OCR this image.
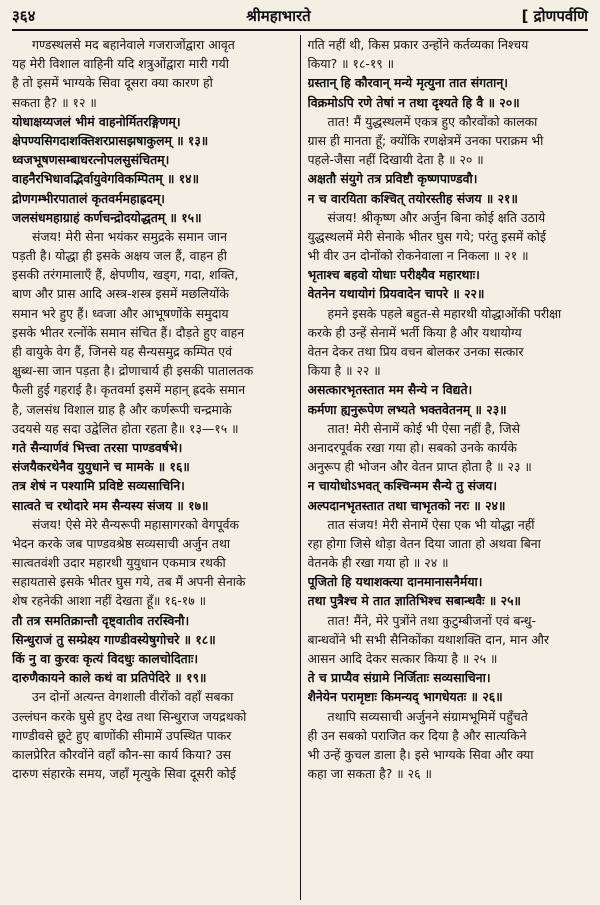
३६४	श्रीमहाभारते	[ द्रोणपर्वणि
गण्डस्थलसे मद बहानेवाले गजराजोंद्वारा आवृत
यह मेरी विशाल वाहिनी यदि शत्रुओंद्वारा मारी गयी
है तो इसमें भाग्यके सिवा दूसरा क्या कारण हो
सकता है? ॥ १२ ॥
योधाक्षय्यजलं भीमं वाहनोर्मितरङ्गिणम्।
क्षेपण्यसिगदाशक्तिशरप्रासझषाकुलम् ॥ १३॥
ध्वजभूषणसम्बाधरत्नोपलसुसंचितम्।
वाहनैरभिधावद्भिर्वायुवेगविकम्पितम् ॥ १४॥
द्रोणगम्भीरपातालं कृतवर्ममहाह्रदम्।
जलसंधमहाग्राहं कर्णचन्द्रोदयोद्धतम् ॥ १५॥
संजय! मेरी सेना भयंकर समुद्रके समान जान
पड़ती है। योद्धा ही इसके अक्षय जल हैं, वाहन ही
इसकी तरंगमालाएँ हैं, क्षेपणीय, खड्ग, गदा, शक्ति,
बाण और प्रास आदि अस्त्र-शस्त्र इसमें मछलियोंके
समान भरे हुए हैं। ध्वजा और आभूषणोंके समुदाय
इसके भीतर रत्नोंके समान संचित हैं। दौड़ते हुए वाहन
ही वायुके वेग हैं, जिनसे यह सैन्यसमुद्र कम्पित एवं
क्षुब्ध-सा जान पड़ता है। द्रोणाचार्य ही इसकी पातालतक
फैली हुई गहराई है। कृतवर्मा इसमें महान् ह्रदके समान
है, जलसंध विशाल ग्राह है और कर्णरूपी चन्द्रमाके
उदयसे यह सदा उद्वेलित होता रहता है॥ १३—१५ ॥
गते सैन्यार्णवं भित्त्वा तरसा पाण्डवर्षभे।
संजयैकरथेनैव युयुधाने च मामके ॥ १६॥
तत्र शेषं न पश्यामि प्रविष्टे सव्यसाचिनि।
सात्वते च रथोदारे मम सैन्यस्य संजय ॥ १७॥
संजय! ऐसे मेरे सैन्यरूपी महासागरको वेगपूर्वक
भेदन करके जब पाण्डवश्रेष्ठ सव्यसाची अर्जुन तथा
सात्वतवंशी उदार महारथी युयुधान एकमात्र रथकी
सहायतासे इसके भीतर घुस गये, तब मैं अपनी सेनाके
शेष रहनेकी आशा नहीं देखता हूँ॥ १६-१७ ॥
तौ तत्र समतिक्रान्तौ दृष्ट्वातीव तरस्विनौ।
सिन्धुराजं तु सम्प्रेक्ष्य गाण्डीवस्येषुगोचरे ॥ १८॥
किं नु वा कुरवः कृत्यं विदधुः कालचोदिताः।
दारुणैकायने काले कथं वा प्रतिपेदिरे ॥ १९॥
उन दोनों अत्यन्त वेगशाली वीरोंको वहाँ सबका
उल्लंघन करके घुसे हुए देख तथा सिन्धुराज जयद्रथको
गाण्डीवसे छूटे हुए बाणोंकी सीमामें उपस्थित पाकर
कालप्रेरित कौरवोंने वहाँ कौन-सा कार्य किया? उस
दारुण संहारके समय, जहाँ मृत्युके सिवा दूसरी कोई
गति नहीं थी, किस प्रकार उन्होंने कर्तव्यका निश्चय
किया? ॥ १८-१९ ॥
ग्रस्तान् हि कौरवान् मन्ये मृत्युना तात संगतान्।
विक्रमोऽपि रणे तेषां न तथा दृश्यते हि वै ॥ २०॥
तात! मैं युद्धस्थलमें एकत्र हुए कौरवोंको कालका
ग्रास ही मानता हूँ; क्योंकि रणक्षेत्रमें उनका पराक्रम भी
पहले-जैसा नहीं दिखायी देता है ॥ २० ॥
अक्षतौ संयुगे तत्र प्रविष्टौ कृष्णपाण्डवौ।
न च वारयिता कश्चित् तयोरस्तीह संजय ॥ २१॥
संजय! श्रीकृष्ण और अर्जुन बिना कोई क्षति उठाये
युद्धस्थलमें मेरी सेनाके भीतर घुस गये; परंतु इसमें कोई
भी वीर उन दोनोंको रोकनेवाला न निकला ॥ २१ ॥
भृताश्च बहवो योधाः परीक्ष्यैव महारथाः।
वेतनेन यथायोगं प्रियवादेन चापरे ॥ २२॥
हमने इसके पहले बहुत-से महारथी योद्धाओंकी परीक्षा
करके ही उन्हें सेनामें भर्ती किया है और यथायोग्य
वेतन देकर तथा प्रिय वचन बोलकर उनका सत्कार
किया है ॥ २२ ॥
असत्कारभृतस्तात मम सैन्ये न विद्यते।
कर्मणा ह्यनुरूपेण लभ्यते भक्तवेतनम् ॥ २३॥
तात! मेरी सेनामें कोई भी ऐसा नहीं है, जिसे
अनादरपूर्वक रखा गया हो। सबको उनके कार्यके
अनुरूप ही भोजन और वेतन प्राप्त होता है ॥ २३ ॥
न चायोधोऽभवत् कश्चिन्मम सैन्ये तु संजय।
अल्पदानभृतस्तात तथा चाभृतको नरः ॥ २४॥
तात संजय! मेरी सेनामें ऐसा एक भी योद्धा नहीं
रहा होगा जिसे थोड़ा वेतन दिया जाता हो अथवा बिना
वेतनके ही रखा गया हो ॥ २४ ॥
पूजितो हि यथाशक्त्या दानमानासनैर्मया।
तथा पुत्रैश्च मे तात ज्ञातिभिश्च सबान्धवैः ॥ २५॥
तात! मैंने, मेरे पुत्रोंने तथा कुटुम्बीजनों एवं बन्धु-
बान्धवोंने भी सभी सैनिकोंका यथाशक्ति दान, मान और
आसन आदि देकर सत्कार किया है ॥ २५ ॥
ते च प्राप्यैव संग्रामे निर्जिताः सव्यसाचिना।
शैनेयेन परामृष्टाः किमन्यद् भागधेयतः ॥ २६॥
तथापि सव्यसाची अर्जुनने संग्रामभूमिमें पहुँचते
ही उन सबको पराजित कर दिया है और सात्यकिने
भी उन्हें कुचल डाला है। इसे भाग्यके सिवा और क्या
कहा जा सकता है? ॥ २६ ॥
